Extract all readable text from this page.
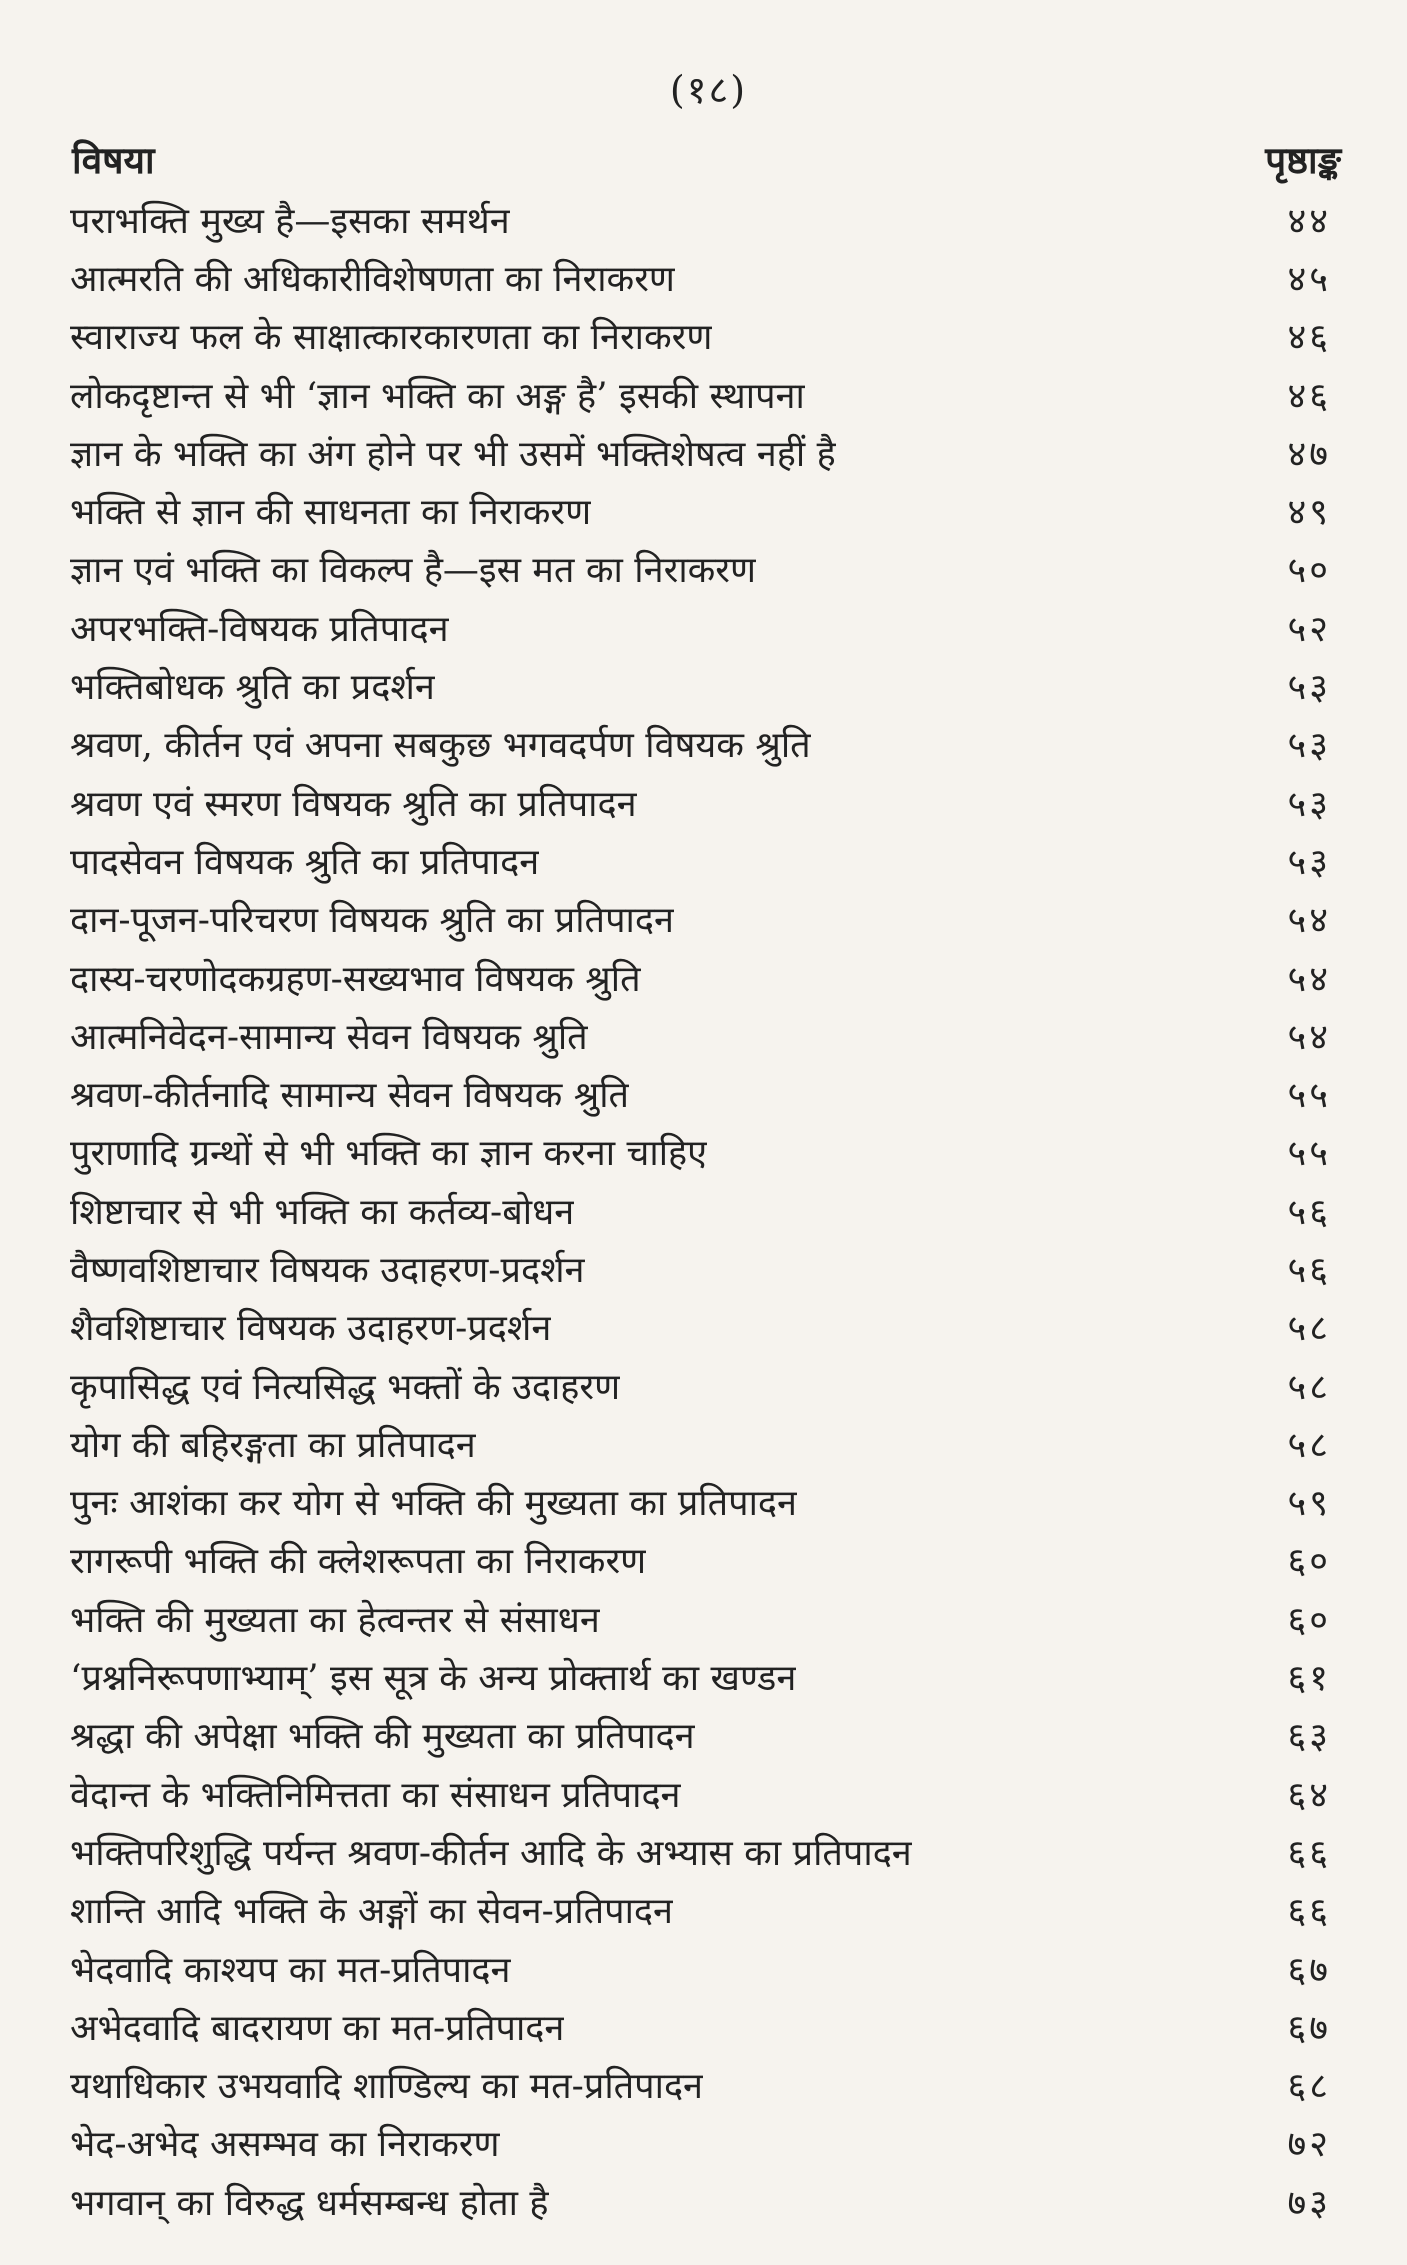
(१८)
विषया	पृष्ठाङ्क
पराभक्ति मुख्य है—इसका समर्थन	४४
आत्मरति की अधिकारीविशेषणता का निराकरण	४५
स्वाराज्य फल के साक्षात्कारकारणता का निराकरण	४६
लोकदृष्टान्त से भी ‘ज्ञान भक्ति का अङ्ग है’ इसकी स्थापना	४६
ज्ञान के भक्ति का अंग होने पर भी उसमें भक्तिशेषत्व नहीं है	४७
भक्ति से ज्ञान की साधनता का निराकरण	४९
ज्ञान एवं भक्ति का विकल्प है—इस मत का निराकरण	५०
अपरभक्ति-विषयक प्रतिपादन	५२
भक्तिबोधक श्रुति का प्रदर्शन	५३
श्रवण, कीर्तन एवं अपना सबकुछ भगवदर्पण विषयक श्रुति	५३
श्रवण एवं स्मरण विषयक श्रुति का प्रतिपादन	५३
पादसेवन विषयक श्रुति का प्रतिपादन	५३
दान-पूजन-परिचरण विषयक श्रुति का प्रतिपादन	५४
दास्य-चरणोदकग्रहण-सख्यभाव विषयक श्रुति	५४
आत्मनिवेदन-सामान्य सेवन विषयक श्रुति	५४
श्रवण-कीर्तनादि सामान्य सेवन विषयक श्रुति	५५
पुराणादि ग्रन्थों से भी भक्ति का ज्ञान करना चाहिए	५५
शिष्टाचार से भी भक्ति का कर्तव्य-बोधन	५६
वैष्णवशिष्टाचार विषयक उदाहरण-प्रदर्शन	५६
शैवशिष्टाचार विषयक उदाहरण-प्रदर्शन	५८
कृपासिद्ध एवं नित्यसिद्ध भक्तों के उदाहरण	५८
योग की बहिरङ्गता का प्रतिपादन	५८
पुनः आशंका कर योग से भक्ति की मुख्यता का प्रतिपादन	५९
रागरूपी भक्ति की क्लेशरूपता का निराकरण	६०
भक्ति की मुख्यता का हेत्वन्तर से संसाधन	६०
‘प्रश्ननिरूपणाभ्याम्’ इस सूत्र के अन्य प्रोक्तार्थ का खण्डन	६१
श्रद्धा की अपेक्षा भक्ति की मुख्यता का प्रतिपादन	६३
वेदान्त के भक्तिनिमित्तता का संसाधन प्रतिपादन	६४
भक्तिपरिशुद्धि पर्यन्त श्रवण-कीर्तन आदि के अभ्यास का प्रतिपादन	६६
शान्ति आदि भक्ति के अङ्गों का सेवन-प्रतिपादन	६६
भेदवादि काश्यप का मत-प्रतिपादन	६७
अभेदवादि बादरायण का मत-प्रतिपादन	६७
यथाधिकार उभयवादि शाण्डिल्य का मत-प्रतिपादन	६८
भेद-अभेद असम्भव का निराकरण	७२
भगवान् का विरुद्ध धर्मसम्बन्ध होता है	७३
